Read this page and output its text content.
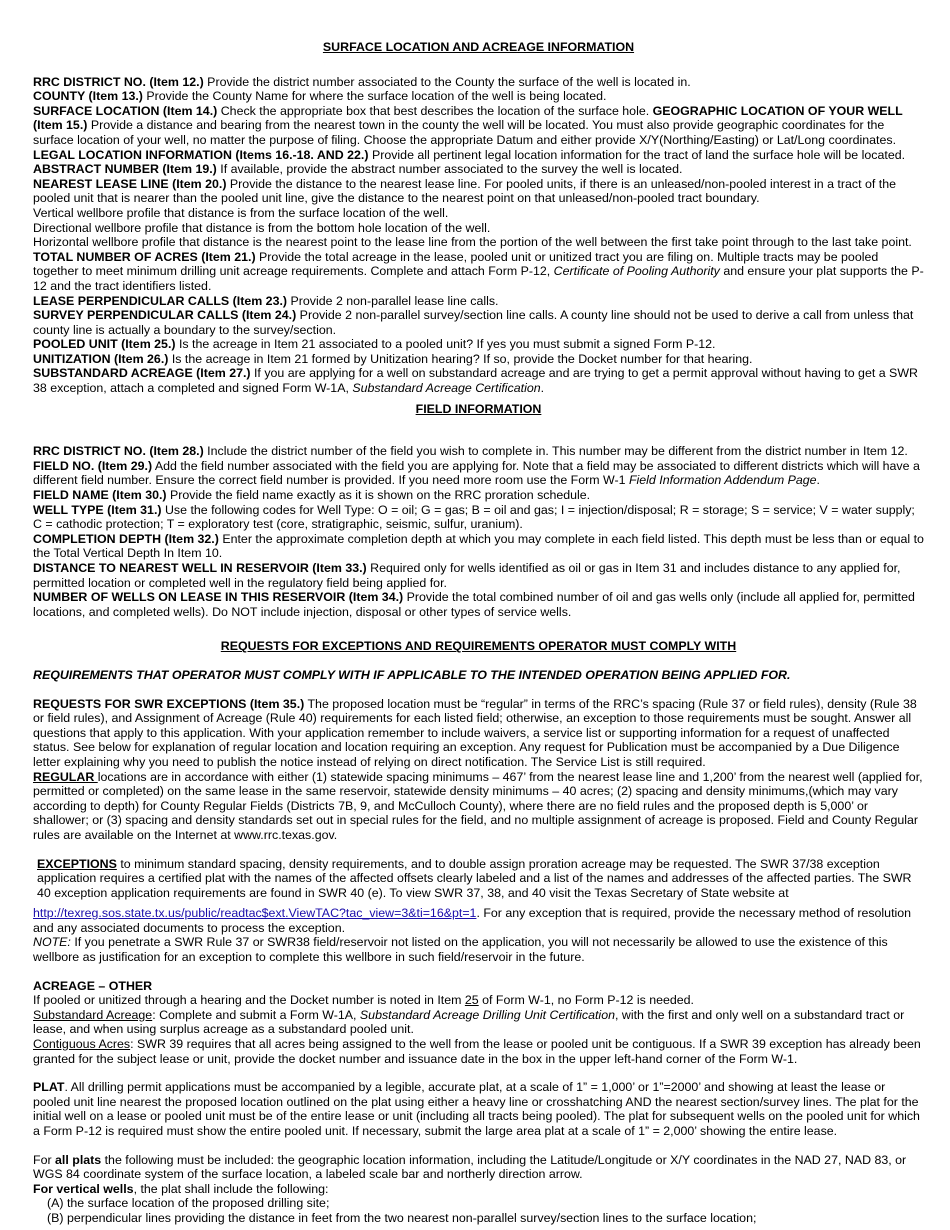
SURFACE LOCATION AND ACREAGE INFORMATION

RRC DISTRICT NO. (Item 12.) Provide the district number associated to the County the surface of the well is located in.

COUNTY (Item 13.) Provide the County Name for where the surface location of the well is being located.

SURFACE LOCATION (Item 14.) Check the appropriate box that best describes the location of the surface hole. GEOGRAPHIC LOCATION OF YOUR WELL (Item 15.) Provide a distance and bearing from the nearest town in the county the well will be located. You must also provide geographic coordinates for the surface location of your well, no matter the purpose of filing. Choose the appropriate Datum and either provide X/Y(Northing/Easting) or Lat/Long coordinates.

LEGAL LOCATION INFORMATION (Items 16.-18. AND 22.) Provide all pertinent legal location information for the tract of land the surface hole will be located.

ABSTRACT NUMBER (Item 19.) If available, provide the abstract number associated to the survey the well is located.

NEAREST LEASE LINE (Item 20.) Provide the distance to the nearest lease line. For pooled units, if there is an unleased/non-pooled interest in a tract of the pooled unit that is nearer than the pooled unit line, give the distance to the nearest point on that unleased/non-pooled tract boundary.

Vertical wellbore profile that distance is from the surface location of the well.

Directional wellbore profile that distance is from the bottom hole location of the well.

Horizontal wellbore profile that distance is the nearest point to the lease line from the portion of the well between the first take point through to the last take point.

TOTAL NUMBER OF ACRES (Item 21.) Provide the total acreage in the lease, pooled unit or unitized tract you are filing on. Multiple tracts may be pooled together to meet minimum drilling unit acreage requirements. Complete and attach Form P-12, Certificate of Pooling Authority and ensure your plat supports the P-12 and the tract identifiers listed.

LEASE PERPENDICULAR CALLS (Item 23.) Provide 2 non-parallel lease line calls.

SURVEY PERPENDICULAR CALLS (Item 24.) Provide 2 non-parallel survey/section line calls. A county line should not be used to derive a call from unless that county line is actually a boundary to the survey/section.

POOLED UNIT (Item 25.) Is the acreage in Item 21 associated to a pooled unit? If yes you must submit a signed Form P-12.

UNITIZATION (Item 26.) Is the acreage in Item 21 formed by Unitization hearing? If so, provide the Docket number for that hearing.

SUBSTANDARD ACREAGE (Item 27.) If you are applying for a well on substandard acreage and are trying to get a permit approval without having to get a SWR 38 exception, attach a completed and signed Form W-1A, Substandard Acreage Certification.

FIELD INFORMATION

RRC DISTRICT NO. (Item 28.) Include the district number of the field you wish to complete in. This number may be different from the district number in Item 12.

FIELD NO. (Item 29.) Add the field number associated with the field you are applying for. Note that a field may be associated to different districts which will have a different field number. Ensure the correct field number is provided. If you need more room use the Form W-1 Field Information Addendum Page.

FIELD NAME (Item 30.) Provide the field name exactly as it is shown on the RRC proration schedule.

WELL TYPE (Item 31.) Use the following codes for Well Type: O = oil; G = gas; B = oil and gas; I = injection/disposal; R = storage; S = service; V = water supply; C = cathodic protection; T = exploratory test (core, stratigraphic, seismic, sulfur, uranium).

COMPLETION DEPTH (Item 32.) Enter the approximate completion depth at which you may complete in each field listed. This depth must be less than or equal to the Total Vertical Depth In Item 10.

DISTANCE TO NEAREST WELL IN RESERVOIR (Item 33.) Required only for wells identified as oil or gas in Item 31 and includes distance to any applied for, permitted location or completed well in the regulatory field being applied for.

NUMBER OF WELLS ON LEASE IN THIS RESERVOIR (Item 34.) Provide the total combined number of oil and gas wells only (include all applied for, permitted locations, and completed wells). Do NOT include injection, disposal or other types of service wells.

REQUESTS FOR EXCEPTIONS AND REQUIREMENTS OPERATOR MUST COMPLY WITH

REQUIREMENTS THAT OPERATOR MUST COMPLY WITH IF APPLICABLE TO THE INTENDED OPERATION BEING APPLIED FOR.

REQUESTS FOR SWR EXCEPTIONS (Item 35.) The proposed location must be “regular” in terms of the RRC’s spacing (Rule 37 or field rules), density (Rule 38 or field rules), and Assignment of Acreage (Rule 40) requirements for each listed field; otherwise, an exception to those requirements must be sought. Answer all questions that apply to this application. With your application remember to include waivers, a service list or supporting information for a request of unaffected status. See below for explanation of regular location and location requiring an exception. Any request for Publication must be accompanied by a Due Diligence letter explaining why you need to publish the notice instead of relying on direct notification. The Service List is still required.

REGULAR locations are in accordance with either (1) statewide spacing minimums – 467’ from the nearest lease line and 1,200’ from the nearest well (applied for, permitted or completed) on the same lease in the same reservoir, statewide density minimums – 40 acres; (2) spacing and density minimums,(which may vary according to depth) for County Regular Fields (Districts 7B, 9, and McCulloch County), where there are no field rules and the proposed depth is 5,000’ or shallower; or (3) spacing and density standards set out in special rules for the field, and no multiple assignment of acreage is proposed. Field and County Regular rules are available on the Internet at www.rrc.texas.gov.

EXCEPTIONS to minimum standard spacing, density requirements, and to double assign proration acreage may be requested. The SWR 37/38 exception application requires a certified plat with the names of the affected offsets clearly labeled and a list of the names and addresses of the affected parties. The SWR 40 exception application requirements are found in SWR 40 (e). To view SWR 37, 38, and 40 visit the Texas Secretary of State website at

http://texreg.sos.state.tx.us/public/readtac$ext.ViewTAC?tac_view=3&ti=16&pt=1. For any exception that is required, provide the necessary method of resolution and any associated documents to process the exception.

NOTE: If you penetrate a SWR Rule 37 or SWR38 field/reservoir not listed on the application, you will not necessarily be allowed to use the existence of this wellbore as justification for an exception to complete this wellbore in such field/reservoir in the future.

ACREAGE – OTHER

If pooled or unitized through a hearing and the Docket number is noted in Item 25 of Form W-1, no Form P-12 is needed.

Substandard Acreage: Complete and submit a Form W-1A, Substandard Acreage Drilling Unit Certification, with the first and only well on a substandard tract or lease, and when using surplus acreage as a substandard pooled unit.

Contiguous Acres: SWR 39 requires that all acres being assigned to the well from the lease or pooled unit be contiguous. If a SWR 39 exception has already been granted for the subject lease or unit, provide the docket number and issuance date in the box in the upper left-hand corner of the Form W-1.

PLAT. All drilling permit applications must be accompanied by a legible, accurate plat, at a scale of 1” = 1,000’ or 1”=2000’ and showing at least the lease or pooled unit line nearest the proposed location outlined on the plat using either a heavy line or crosshatching AND the nearest section/survey lines. The plat for the initial well on a lease or pooled unit must be of the entire lease or unit (including all tracts being pooled). The plat for subsequent wells on the pooled unit for which a Form P-12 is required must show the entire pooled unit. If necessary, submit the large area plat at a scale of 1” = 2,000’ showing the entire lease.

For all plats the following must be included: the geographic location information, including the Latitude/Longitude or X/Y coordinates in the NAD 27, NAD 83, or WGS 84 coordinate system of the surface location, a labeled scale bar and northerly direction arrow.

For vertical wells, the plat shall include the following:

(A) the surface location of the proposed drilling site;

(B) perpendicular lines providing the distance in feet from the two nearest non-parallel survey/section lines to the surface location;
